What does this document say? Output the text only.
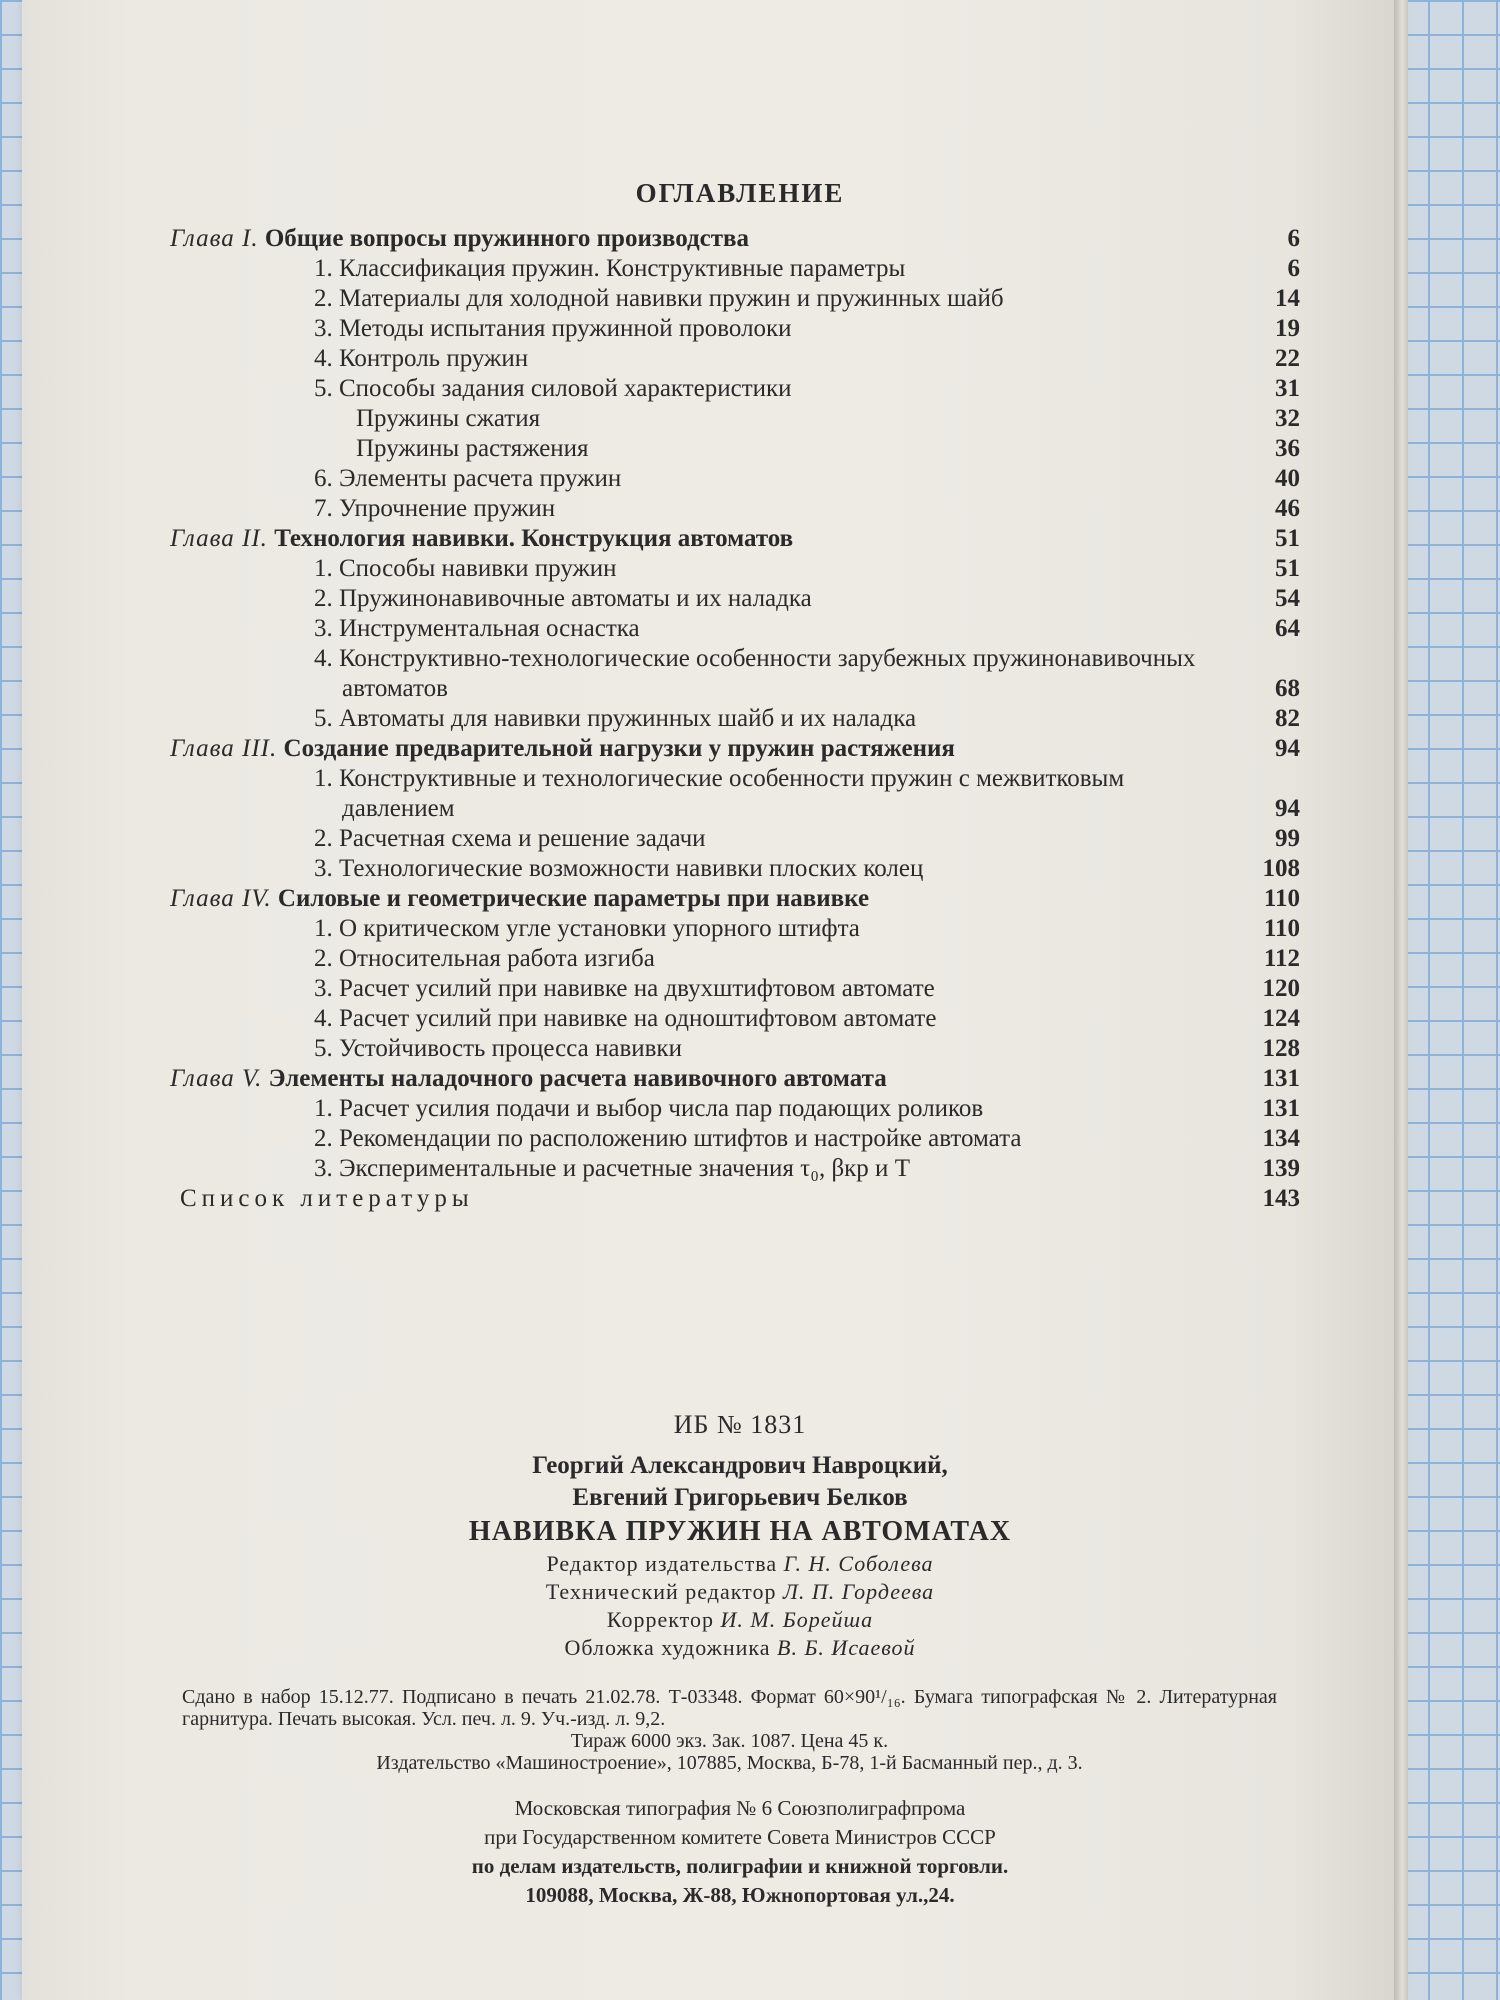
ОГЛАВЛЕНИЕ
Глава I. Общие вопросы пружинного производства	6
1. Классификация пружин. Конструктивные параметры	6
2. Материалы для холодной навивки пружин и пружинных шайб	14
3. Методы испытания пружинной проволоки	19
4. Контроль пружин	22
5. Способы задания силовой характеристики	31
Пружины сжатия	32
Пружины растяжения	36
6. Элементы расчета пружин	40
7. Упрочнение пружин	46
Глава II. Технология навивки. Конструкция автоматов	51
1. Способы навивки пружин	51
2. Пружинонавивочные автоматы и их наладка	54
3. Инструментальная оснастка	64
4. Конструктивно-технологические особенности зарубежных пружинонавивочных автоматов	68
5. Автоматы для навивки пружинных шайб и их наладка	82
Глава III. Создание предварительной нагрузки у пружин растяжения	94
1. Конструктивные и технологические особенности пружин с межвитковым давлением	94
2. Расчетная схема и решение задачи	99
3. Технологические возможности навивки плоских колец	108
Глава IV. Силовые и геометрические параметры при навивке	110
1. О критическом угле установки упорного штифта	110
2. Относительная работа изгиба	112
3. Расчет усилий при навивке на двухштифтовом автомате	120
4. Расчет усилий при навивке на одноштифтовом автомате	124
5. Устойчивость процесса навивки	128
Глава V. Элементы наладочного расчета навивочного автомата	131
1. Расчет усилия подачи и выбор числа пар подающих роликов	131
2. Рекомендации по расположению штифтов и настройке автомата	134
3. Экспериментальные и расчетные значения τ₀, βкр и T	139
Список литературы	143
ИБ № 1831
Георгий Александрович Навроцкий,
Евгений Григорьевич Белков
НАВИВКА ПРУЖИН НА АВТОМАТАХ
Редактор издательства Г. Н. Соболева
Технический редактор Л. П. Гордеева
Корректор И. М. Борейша
Обложка художника В. Б. Исаевой
Сдано в набор 15.12.77. Подписано в печать 21.02.78. Т-03348. Формат 60×90¹/₁₆. Бумага типографская № 2. Литературная гарнитура. Печать высокая. Усл. печ. л. 9. Уч.-изд. л. 9,2.
Тираж 6000 экз. Зак. 1087. Цена 45 к.
Издательство «Машиностроение», 107885, Москва, Б-78, 1-й Басманный пер., д. 3.
Московская типография № 6 Союзполиграфпрома
при Государственном комитете Совета Министров СССР
по делам издательств, полиграфии и книжной торговли.
109088, Москва, Ж-88, Южнопортовая ул.,24.
